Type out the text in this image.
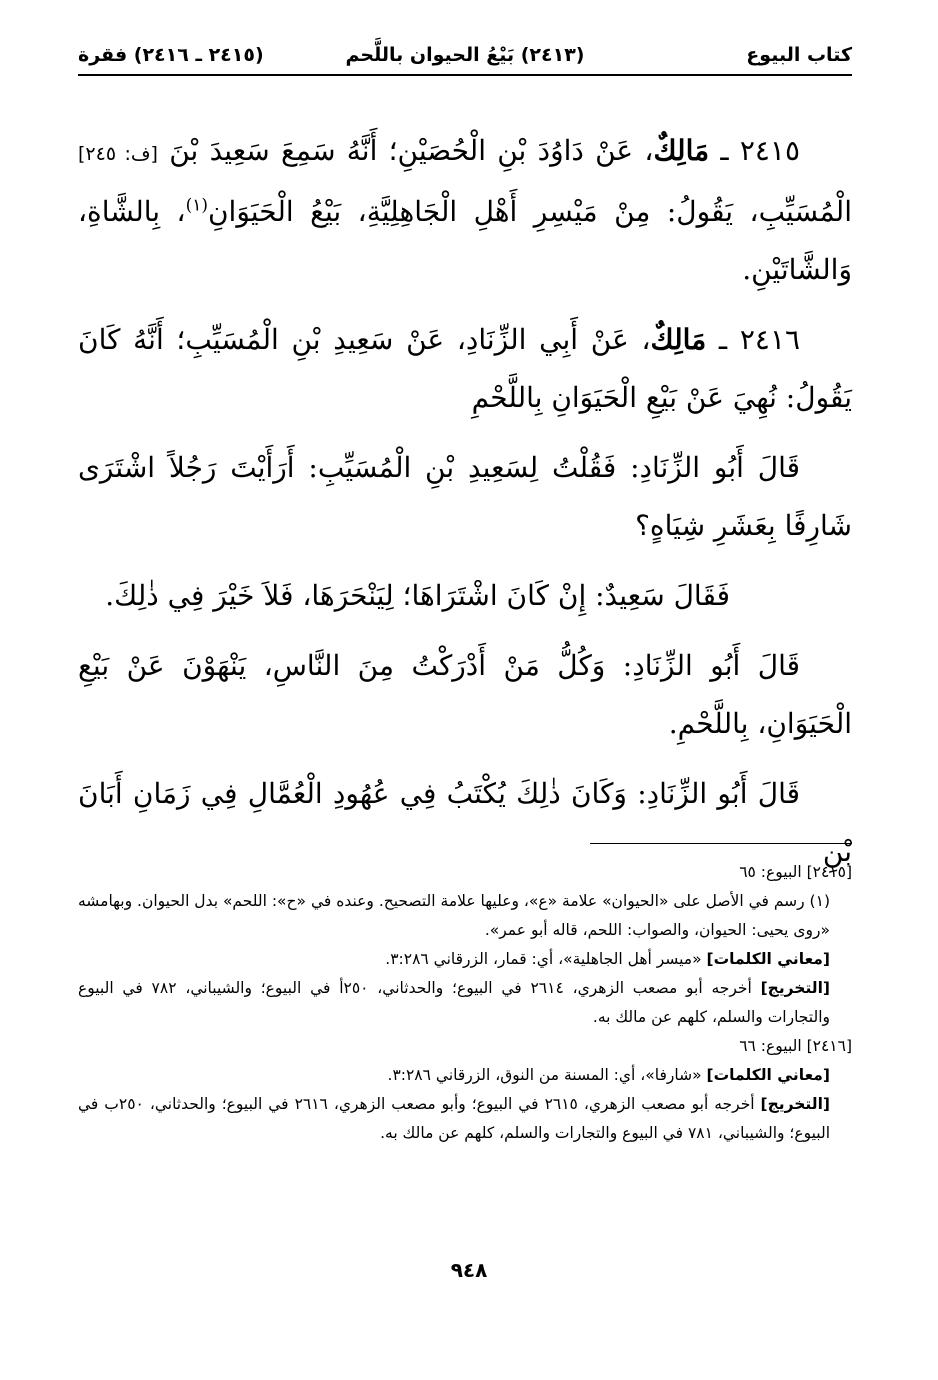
كتاب البيوع
(٢٤١٣) بَيْعُ الحيوان باللَّحم
(٢٤١٥ ـ ٢٤١٦) فقرة

٢٤١٥ ـ مَالِكٌ، عَنْ دَاوُدَ بْنِ الْحُصَيْنِ؛ أَنَّهُ سَمِعَ سَعِيدَ بْنَ [ف: ٢٤٥] الْمُسَيِّبِ، يَقُولُ: مِنْ مَيْسِرِ أَهْلِ الْجَاهِلِيَّةِ، بَيْعُ الْحَيَوَانِ$^{(١)}$، بِالشَّاةِ، وَالشَّاتَيْنِ.

٢٤١٦ ـ مَالِكٌ، عَنْ أَبِي الزِّنَادِ، عَنْ سَعِيدِ بْنِ الْمُسَيِّبِ؛ أَنَّهُ كَانَ يَقُولُ: نُهِيَ عَنْ بَيْعِ الْحَيَوَانِ بِاللَّحْمِ

قَالَ أَبُو الزِّنَادِ: فَقُلْتُ لِسَعِيدِ بْنِ الْمُسَيِّبِ: أَرَأَيْتَ رَجُلاً اشْتَرَى شَارِفًا بِعَشَرِ شِيَاهٍ؟

فَقَالَ سَعِيدٌ: إِنْ كَانَ اشْتَرَاهَا؛ لِيَنْحَرَهَا، فَلاَ خَيْرَ فِي ذٰلِكَ.

قَالَ أَبُو الزِّنَادِ: وَكُلُّ مَنْ أَدْرَكْتُ مِنَ النَّاسِ، يَنْهَوْنَ عَنْ بَيْعِ الْحَيَوَانِ، بِاللَّحْمِ.

قَالَ أَبُو الزِّنَادِ: وَكَانَ ذٰلِكَ يُكْتَبُ فِي عُهُودِ الْعُمَّالِ فِي زَمَانِ أَبَانَ بْنِ

[٢٤١٥] البيوع: ٦٥

(١) رسم في الأصل على «الحيوان» علامة «ع»، وعليها علامة التصحيح. وعنده في «ح»: اللحم» بدل الحيوان. وبهامشه «روى يحيى: الحيوان، والصواب: اللحم، قاله أبو عمر».

[معاني الكلمات] «ميسر أهل الجاهلية»، أي: قمار، الزرقاني ٣:٢٨٦.

[التخريج] أخرجه أبو مصعب الزهري، ٢٦١٤ في البيوع؛ والحدثاني، ٢٥٠أ في البيوع؛ والشيباني، ٧٨٢ في البيوع والتجارات والسلم، كلهم عن مالك به.

[٢٤١٦] البيوع: ٦٦

[معاني الكلمات] «شارفا»، أي: المسنة من النوق، الزرقاني ٣:٢٨٦.

[التخريج] أخرجه أبو مصعب الزهري، ٢٦١٥ في البيوع؛ وأبو مصعب الزهري، ٢٦١٦ في البيوع؛ والحدثاني، ٢٥٠ب في البيوع؛ والشيباني، ٧٨١ في البيوع والتجارات والسلم، كلهم عن مالك به.

٩٤٨
